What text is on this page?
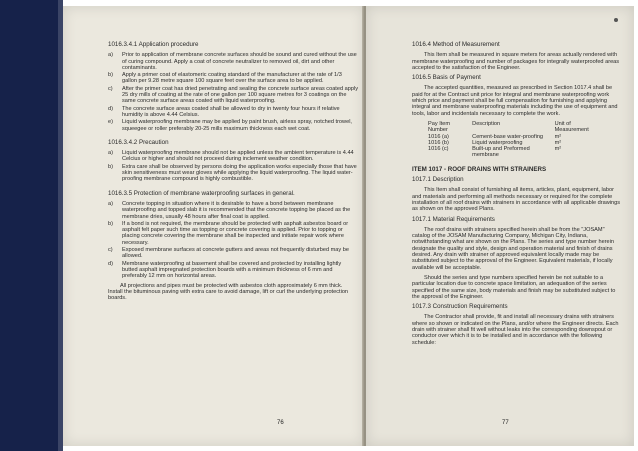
1016.3.4.1 Application procedure
a)	Prior to application of membrane concrete surfaces should be sound and cured without the use of curing compound. Apply a coat of concrete neutralizer to removed oil, dirt and other contaminants.
b)	Apply a primer coat of elastomeric coating standard of the manufacturer at the rate of 1/3 gallon per 9.28 metre square 100 square feet over the surface area to be applied.
c)	After the primer coat has dried penetrating and sealing the concrete surface areas coated apply 25 dry mills of coating at the rate of one gallon per 100 square metres for 3 coatings on the same concrete surface areas coated with liquid waterproofing.
d)	The concrete surface areas coated shall be allowed to dry in twenty four hours if relative humidity is above 4.44 Celsius.
e)	Liquid waterproofing membrane may be applied by paint brush, airless spray, notched trowel, squeegee or roller preferably 20-25 mills maximum thickness each wet coat.
1016.3.4.2 Precaution
a)	Liquid waterproofing membrane should not be applied unless the ambient temperature is 4.44 Celcius or higher and should not proceed during inclement weather condition.
b)	Extra care shall be observed by persons doing the application works especially those that have skin sensitiveness must wear gloves while applying the liquid waterproofing. The liquid water-proofing membrane compound is highly combustible.
1016.3.5 Protection of membrane waterproofing surfaces in general.
a)	Concrete topping in situation where it is desirable to have a bond between membrane waterproofing and topped slab it is recommended that the concrete topping be placed as the membrane dries, usually 48 hours after final coat is applied.
b)	If a bond is not required, the membrane should be protected with asphalt asbestos board or asphalt felt paper such time as topping or concrete covering is applied. Prior to topping or placing concrete covering the membrane shall be inspected and initiate repair work where necessary.
c)	Exposed membrane surfaces at concrete gutters and areas not frequently disturbed may be allowed.
d)	Membrane waterproofing at basement shall be covered and protected by installing lightly butted asphalt impregnated protection boards with a minimum thickness of 6 mm and preferably 12 mm on horizontal areas.

All projections and pipes must be protected with asbestos cloth approximately 6 mm thick. Install the bituminous paving with extra care to avoid damage, lift or curl the underlying protection boards.

76
1016.4 Method of Measurement

This Item shall be measured in square meters for areas actually rendered with membrane waterproofing and number of packages for integrally waterproofed areas accepted to the satisfaction of the Engineer.

1016.5 Basis of Payment

The accepted quantities, measured as prescribed in Section 1017.4 shall be paid for at the Contract unit price for integral and membrane waterproofing work which price and payment shall be full compensation for furnishing and applying integral and membrane waterproofing materials including the use of equipment and tools, labor and incidentals necessary to complete the work.

Pay Item Number	Description	Unit of Measurement
1016 (a)	Cement-base water-proofing	m²
1016 (b)	Liquid waterproofing	m²
1016 (c)	Built-up and Preformed membrane	m²
ITEM 1017 - ROOF DRAINS WITH STRAINERS
1017.1 Description

This Item shall consist of furnishing all items, articles, plant, equipment, labor and materials and performing all methods necessary or required for the complete installation of all roof drains with strainers in accordance with all applicable drawings as shown on the approved Plans.

1017.1 Material Requirements

The roof drains with strainers specified herein shall be from the "JOSAM" catalog of the JOSAM Manufacturing Company, Michigan City, Indiana, notwithstanding what are shown on the Plans. The series and type number herein designate the quality and style, design and operation material and finish of drains desired. Any drain with strainer of approved equivalent locally made may be substituted subject to the approval of the Engineer. Equivalent materials, if locally available will be acceptable.

Should the series and type numbers specified herein be not suitable to a particular location due to concrete space limitation, an adequation of the series specified of the same size, body materials and finish may be substituted subject to the approval of the Engineer.

1017.3 Construction Requirements

The Contractor shall provide, fit and install all necessary drains with strainers where so shown or indicated on the Plans, and/or where the Engineer directs. Each drain with strainer shall fit well without leaks into the corresponding downspout or conductor over which it is to be installed and in accordance with the following schedule:

77
